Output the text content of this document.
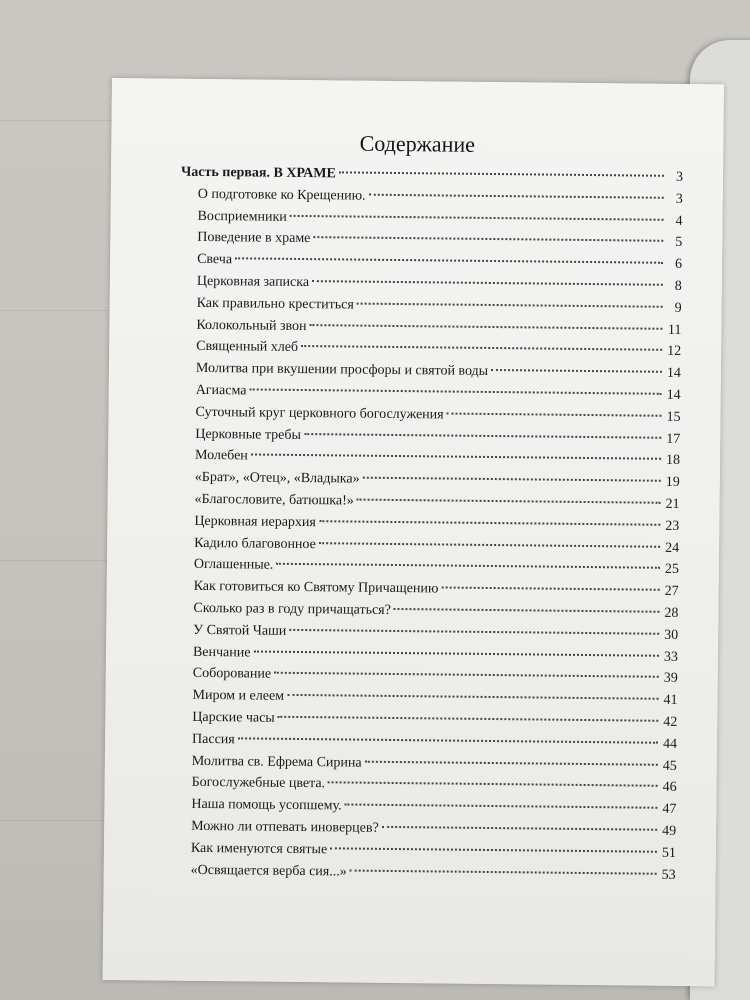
Содержание
Часть первая. В ХРАМЕ	3
О подготовке ко Крещению.	3
Восприемники	4
Поведение в храме	5
Свеча	6
Церковная записка	8
Как правильно креститься	9
Колокольный звон	11
Священный хлеб	12
Молитва при вкушении просфоры и святой воды	14
Агиасма	14
Суточный круг церковного богослужения	15
Церковные требы	17
Молебен	18
«Брат», «Отец», «Владыка»	19
«Благословите, батюшка!»	21
Церковная иерархия	23
Кадило благовонное	24
Оглашенные.	25
Как готовиться ко Святому Причащению	27
Сколько раз в году причащаться?	28
У Святой Чаши	30
Венчание	33
Соборование	39
Миром и елеем	41
Царские часы	42
Пассия	44
Молитва св. Ефрема Сирина	45
Богослужебные цвета.	46
Наша помощь усопшему.	47
Можно ли отпевать иноверцев?	49
Как именуются святые	51
«Освящается верба сия...»	53
